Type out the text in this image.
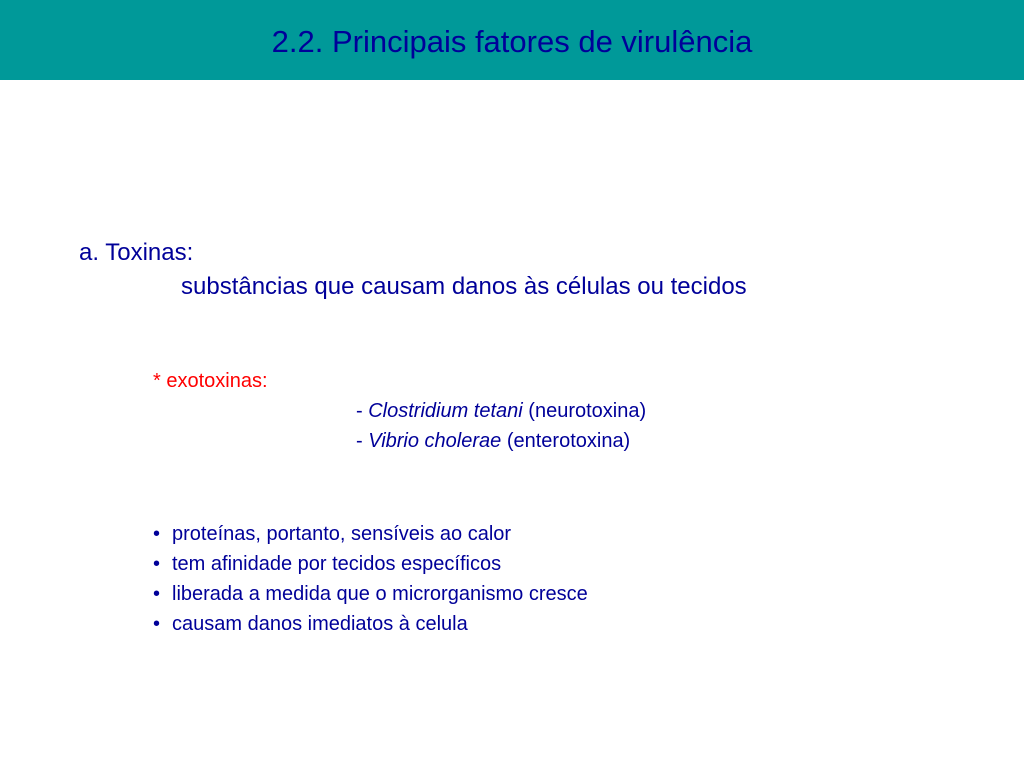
2.2. Principais fatores de virulência
a. Toxinas:
substâncias que causam danos às células ou tecidos
* exotoxinas:
- Clostridium tetani (neurotoxina)
- Vibrio cholerae (enterotoxina)
• proteínas, portanto, sensíveis ao calor
• tem afinidade por tecidos específicos
• liberada a medida que o microrganismo cresce
• causam danos imediatos à celula
